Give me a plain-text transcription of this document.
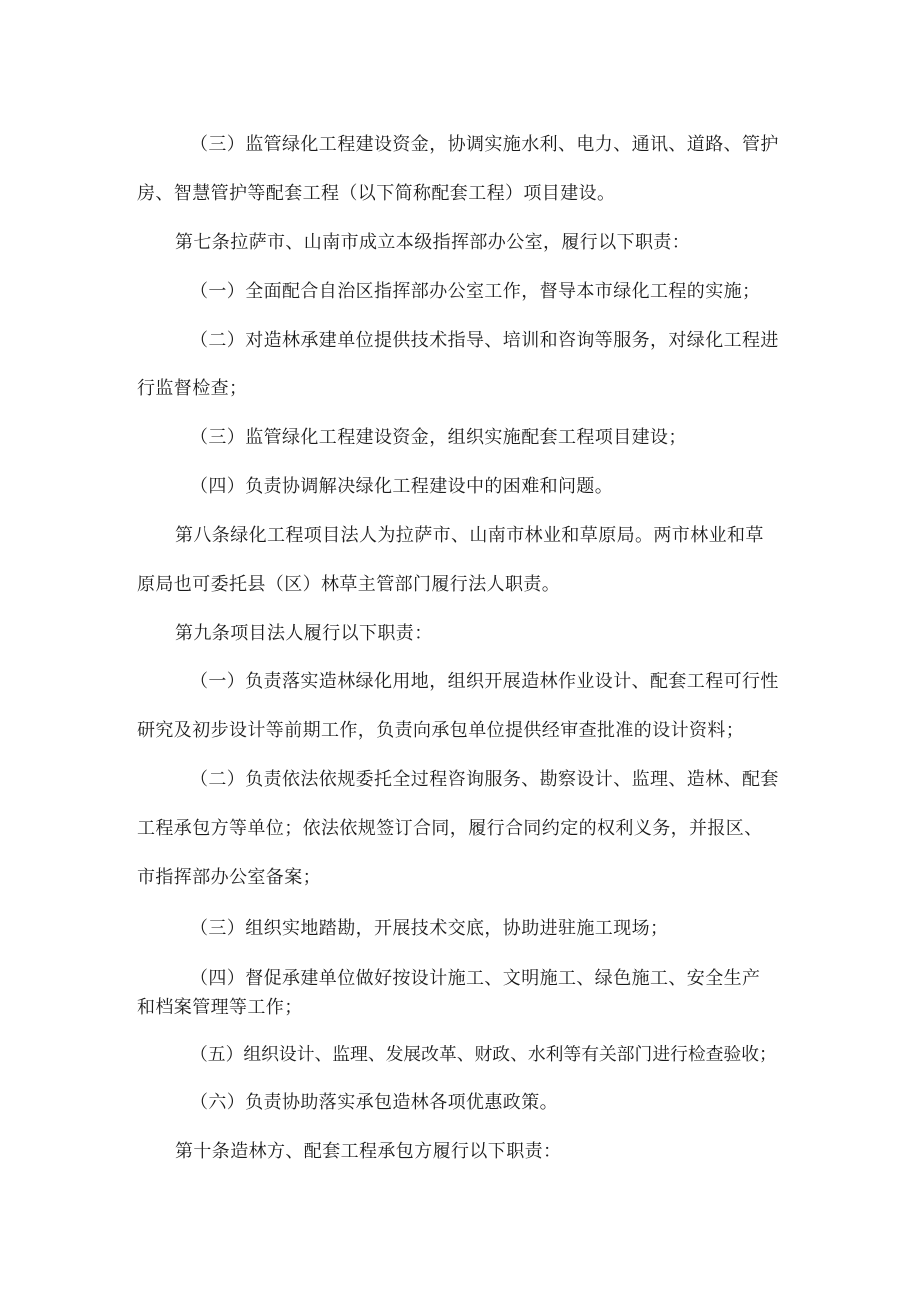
（三）监管绿化工程建设资金，协调实施水利、电力、通讯、道路、管护
房、智慧管护等配套工程（以下简称配套工程）项目建设。
第七条拉萨市、山南市成立本级指挥部办公室，履行以下职责：
（一）全面配合自治区指挥部办公室工作，督导本市绿化工程的实施；
（二）对造林承建单位提供技术指导、培训和咨询等服务，对绿化工程进
行监督检查；
（三）监管绿化工程建设资金，组织实施配套工程项目建设；
（四）负责协调解决绿化工程建设中的困难和问题。
第八条绿化工程项目法人为拉萨市、山南市林业和草原局。两市林业和草
原局也可委托县（区）林草主管部门履行法人职责。
第九条项目法人履行以下职责：
（一）负责落实造林绿化用地，组织开展造林作业设计、配套工程可行性
研究及初步设计等前期工作，负责向承包单位提供经审查批准的设计资料；
（二）负责依法依规委托全过程咨询服务、勘察设计、监理、造林、配套
工程承包方等单位；依法依规签订合同，履行合同约定的权利义务，并报区、
市指挥部办公室备案；
（三）组织实地踏勘，开展技术交底，协助进驻施工现场；
（四）督促承建单位做好按设计施工、文明施工、绿色施工、安全生产
和档案管理等工作；
（五）组织设计、监理、发展改革、财政、水利等有关部门进行检查验收；
（六）负责协助落实承包造林各项优惠政策。
第十条造林方、配套工程承包方履行以下职责：
